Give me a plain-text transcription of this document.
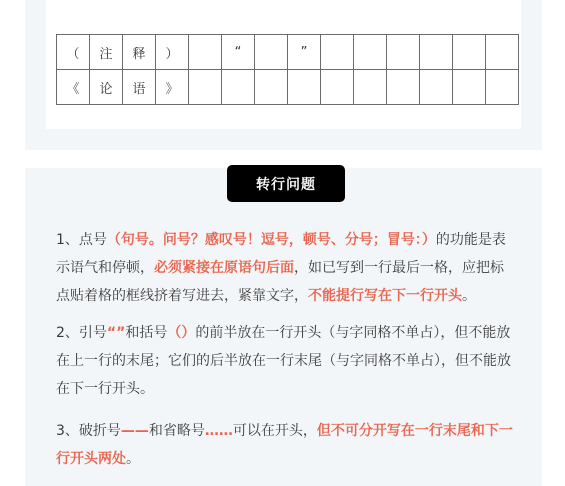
（	注	释	）		“		”						
《	论	语	》										
转行问题

1、点号（句号。问号？感叹号！逗号，顿号、分号；冒号：）的功能是表示语气和停顿，必须紧接在原语句后面，如已写到一行最后一格，应把标点贴着格的框线挤着写进去，紧靠文字，不能提行写在下一行开头。

2、引号“”和括号（）的前半放在一行开头（与字同格不单占），但不能放在上一行的末尾；它们的后半放在一行末尾（与字同格不单占），但不能放在下一行开头。

3、破折号——和省略号……可以在开头，但不可分开写在一行末尾和下一行开头两处。
